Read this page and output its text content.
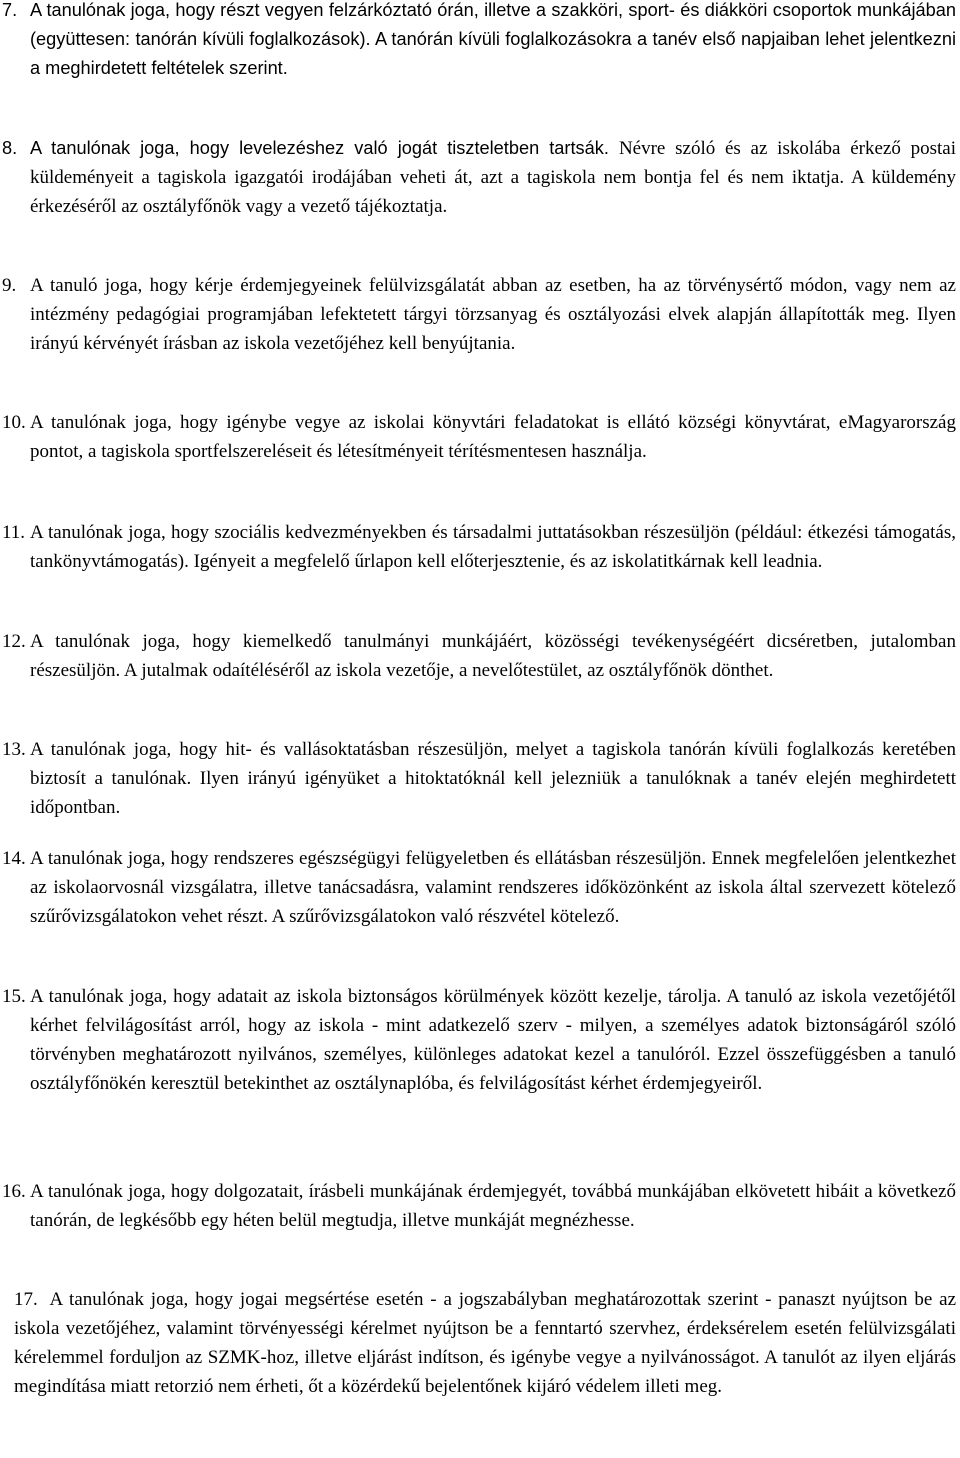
7. A tanulónak joga, hogy részt vegyen felzárkóztató órán, illetve a szakköri, sport- és diákköri csoportok munkájában (együttesen: tanórán kívüli foglalkozások). A tanórán kívüli foglalkozásokra a tanév első napjaiban lehet jelentkezni a meghirdetett feltételek szerint.

8. A tanulónak joga, hogy levelezéshez való jogát tiszteletben tartsák. Névre szóló és az iskolába érkező postai küldeményeit a tagiskola igazgatói irodájában veheti át, azt a tagiskola nem bontja fel és nem iktatja. A küldemény érkezéséről az osztályfőnök vagy a vezető tájékoztatja.

9. A tanuló joga, hogy kérje érdemjegyeinek felülvizsgálatát abban az esetben, ha az törvénysértő módon, vagy nem az intézmény pedagógiai programjában lefektetett tárgyi törzsanyag és osztályozási elvek alapján állapították meg. Ilyen irányú kérvényét írásban az iskola vezetőjéhez kell benyújtania.

10. A tanulónak joga, hogy igénybe vegye az iskolai könyvtári feladatokat is ellátó községi könyvtárat, eMagyarország pontot, a tagiskola sportfelszereléseit és létesítményeit térítésmentesen használja.

11. A tanulónak joga, hogy szociális kedvezményekben és társadalmi juttatásokban részesüljön (például: étkezési támogatás, tankönyvtámogatás). Igényeit a megfelelő űrlapon kell előterjesztenie, és az iskolatitkárnak kell leadnia.

12. A tanulónak joga, hogy kiemelkedő tanulmányi munkájáért, közösségi tevékenységéért dicséretben, jutalomban részesüljön. A jutalmak odaítéléséről az iskola vezetője, a nevelőtestület, az osztályfőnök dönthet.

13. A tanulónak joga, hogy hit- és vallásoktatásban részesüljön, melyet a tagiskola tanórán kívüli foglalkozás keretében biztosít a tanulónak. Ilyen irányú igényüket a hitoktatóknál kell jelezniük a tanulóknak a tanév elején meghirdetett időpontban.

14. A tanulónak joga, hogy rendszeres egészségügyi felügyeletben és ellátásban részesüljön. Ennek megfelelően jelentkezhet az iskolaorvosnál vizsgálatra, illetve tanácsadásra, valamint rendszeres időközönként az iskola által szervezett kötelező szűrővizsgálatokon vehet részt. A szűrővizsgálatokon való részvétel kötelező.

15. A tanulónak joga, hogy adatait az iskola biztonságos körülmények között kezelje, tárolja. A tanuló az iskola vezetőjétől kérhet felvilágosítást arról, hogy az iskola - mint adatkezelő szerv - milyen, a személyes adatok biztonságáról szóló törvényben meghatározott nyilvános, személyes, különleges adatokat kezel a tanulóról. Ezzel összefüggésben a tanuló osztályfőnökén keresztül betekinthet az osztálynaplóba, és felvilágosítást kérhet érdemjegyeiről.

16. A tanulónak joga, hogy dolgozatait, írásbeli munkájának érdemjegyét, továbbá munkájában elkövetett hibáit a következő tanórán, de legkésőbb egy héten belül megtudja, illetve munkáját megnézhesse.

17. A tanulónak joga, hogy jogai megsértése esetén - a jogszabályban meghatározottak szerint - panaszt nyújtson be az iskola vezetőjéhez, valamint törvényességi kérelmet nyújtson be a fenntartó szervhez, érdeksérelem esetén felülvizsgálati kérelemmel forduljon az SZMK-hoz, illetve eljárást indítson, és igénybe vegye a nyilvánosságot. A tanulót az ilyen eljárás megindítása miatt retorzió nem érheti, őt a közérdekű bejelentőnek kijáró védelem illeti meg.
